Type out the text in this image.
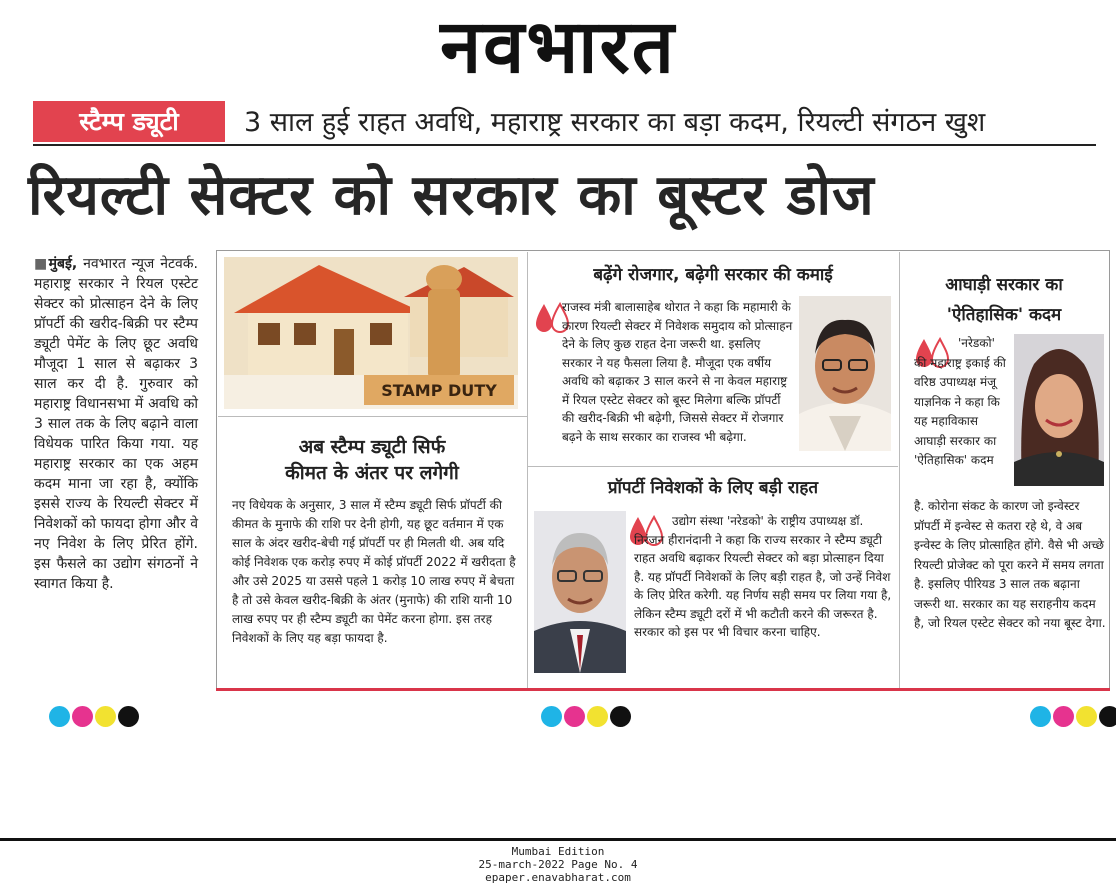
नवभारत
स्टैम्प ड्यूटी	3 साल हुई राहत अवधि, महाराष्ट्र सरकार का बड़ा कदम, रियल्टी संगठन खुश
रियल्टी सेक्टर को सरकार का बूस्टर डोज
■मुंबई, नवभारत न्यूज नेटवर्क. महाराष्ट्र सरकार ने रियल एस्टेट सेक्टर को प्रोत्साहन देने के लिए प्रॉपर्टी की खरीद-बिक्री पर स्टैम्प ड्यूटी पेमेंट के लिए छूट अवधि मौजूदा 1 साल से बढ़ाकर 3 साल कर दी है. गुरुवार को महाराष्ट्र विधानसभा में अवधि को 3 साल तक के लिए बढ़ाने वाला विधेयक पारित किया गया. यह महाराष्ट्र सरकार का एक अहम कदम माना जा रहा है, क्योंकि इससे राज्य के रियल्टी सेक्टर में निवेशकों को फायदा होगा और वे नए निवेश के लिए प्रेरित होंगे. इस फैसले का उद्योग संगठनों ने स्वागत किया है.
STAMP DUTY
अब स्टैम्प ड्यूटी सिर्फ
कीमत के अंतर पर लगेगी
नए विधेयक के अनुसार, 3 साल में स्टैम्प ड्यूटी सिर्फ प्रॉपर्टी की कीमत के मुनाफे की राशि पर देनी होगी, यह छूट वर्तमान में एक साल के अंदर खरीद-बेची गई प्रॉपर्टी पर ही मिलती थी. अब यदि कोई निवेशक एक करोड़ रुपए में कोई प्रॉपर्टी 2022 में खरीदता है और उसे 2025 या उससे पहले 1 करोड़ 10 लाख रुपए में बेचता है तो उसे केवल खरीद-बिक्री के अंतर (मुनाफे) की राशि यानी 10 लाख रुपए पर ही स्टैम्प ड्यूटी का पेमेंट करना होगा. इस तरह निवेशकों के लिए यह बड़ा फायदा है.
बढ़ेंगे रोजगार, बढ़ेगी सरकार की कमाई
राजस्व मंत्री बालासाहेब थोरात ने कहा कि महामारी के कारण रियल्टी सेक्टर में निवेशक समुदाय को प्रोत्साहन देने के लिए कुछ राहत देना जरूरी था. इसलिए सरकार ने यह फैसला लिया है. मौजूदा एक वर्षीय अवधि को बढ़ाकर 3 साल करने से ना केवल महाराष्ट्र में रियल एस्टेट सेक्टर को बूस्ट मिलेगा बल्कि प्रॉपर्टी की खरीद-बिक्री भी बढ़ेगी, जिससे सेक्टर में रोजगार बढ़ने के साथ सरकार का राजस्व भी बढ़ेगा.
प्रॉपर्टी निवेशकों के लिए बड़ी राहत
उद्योग संस्था 'नरेडको' के राष्ट्रीय उपाध्यक्ष डॉ. निरंजन हीरानंदानी ने कहा कि राज्य सरकार ने स्टैम्प ड्यूटी राहत अवधि बढ़ाकर रियल्टी सेक्टर को बड़ा प्रोत्साहन दिया है. यह प्रॉपर्टी निवेशकों के लिए बड़ी राहत है, जो उन्हें निवेश के लिए प्रेरित करेगी. यह निर्णय सही समय पर लिया गया है, लेकिन स्टैम्प ड्यूटी दरों में भी कटौती करने की जरूरत है. सरकार को इस पर भी विचार करना चाहिए.
आघाड़ी सरकार का
'ऐतिहासिक' कदम
'नरेडको' की महाराष्ट्र इकाई की वरिष्ठ उपाध्यक्ष मंजू याज्ञनिक ने कहा कि यह महाविकास आघाड़ी सरकार का 'ऐतिहासिक' कदम
है. कोरोना संकट के कारण जो इन्वेस्टर प्रॉपर्टी में इन्वेस्ट से कतरा रहे थे, वे अब इन्वेस्ट के लिए प्रोत्साहित होंगे. वैसे भी अच्छे रियल्टी प्रोजेक्ट को पूरा करने में समय लगता है. इसलिए पीरियड 3 साल तक बढ़ाना जरूरी था. सरकार का यह सराहनीय कदम है, जो रियल एस्टेट सेक्टर को नया बूस्ट देगा.
Mumbai Edition
25-march-2022 Page No. 4
epaper.enavabharat.com
